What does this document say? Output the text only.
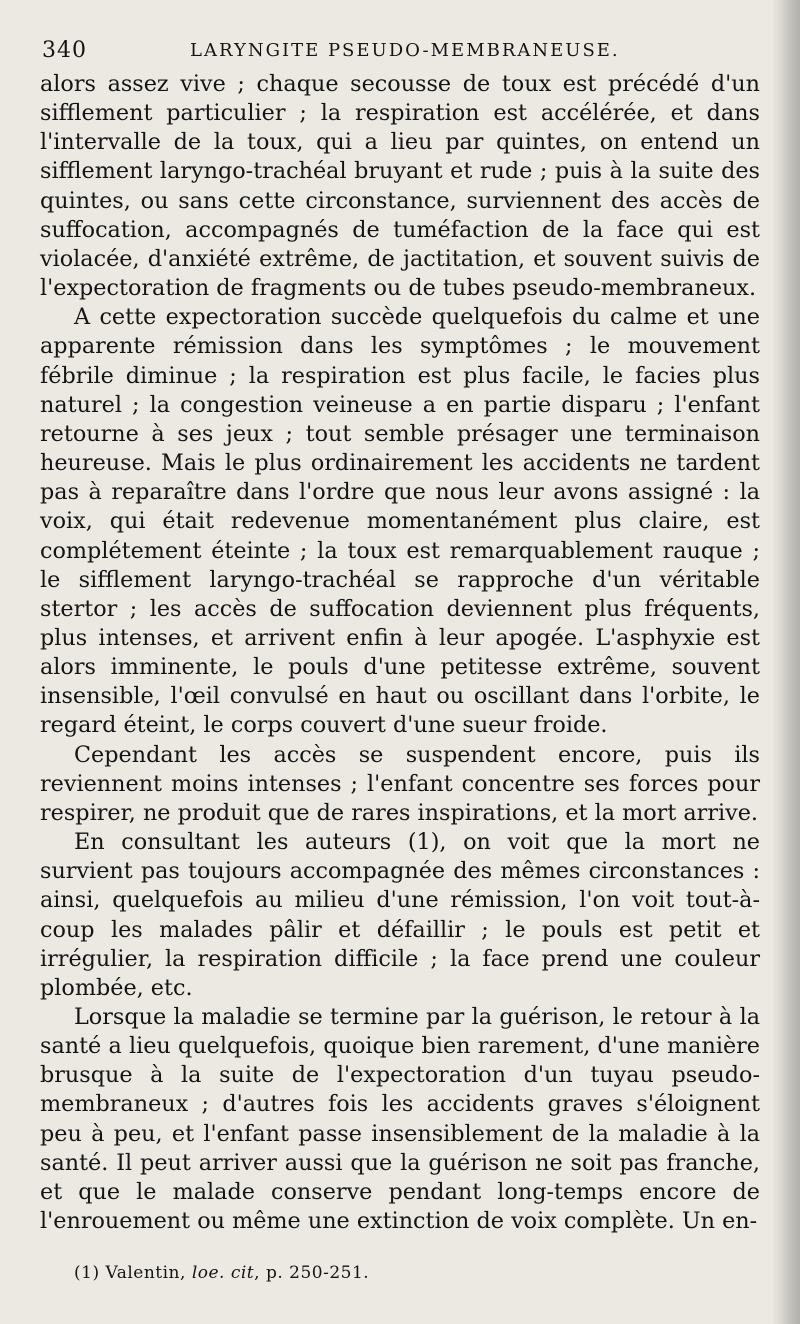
340	LARYNGITE PSEUDO-MEMBRANEUSE.

alors assez vive ; chaque secousse de toux est précédé d'un sifflement particulier ; la respiration est accélérée, et dans l'intervalle de la toux, qui a lieu par quintes, on entend un sifflement laryngo-trachéal bruyant et rude ; puis à la suite des quintes, ou sans cette circonstance, surviennent des accès de suffocation, accompagnés de tuméfaction de la face qui est violacée, d'anxiété extrême, de jactitation, et souvent suivis de l'expectoration de fragments ou de tubes pseudo-membraneux.

A cette expectoration succède quelquefois du calme et une apparente rémission dans les symptômes ; le mouvement fébrile diminue ; la respiration est plus facile, le facies plus naturel ; la congestion veineuse a en partie disparu ; l'enfant retourne à ses jeux ; tout semble présager une terminaison heureuse. Mais le plus ordinairement les accidents ne tardent pas à reparaître dans l'ordre que nous leur avons assigné : la voix, qui était redevenue momentanément plus claire, est complétement éteinte ; la toux est remarquablement rauque ; le sifflement laryngo-trachéal se rapproche d'un véritable stertor ; les accès de suffocation deviennent plus fréquents, plus intenses, et arrivent enfin à leur apogée. L'asphyxie est alors imminente, le pouls d'une petitesse extrême, souvent insensible, l'œil convulsé en haut ou oscillant dans l'orbite, le regard éteint, le corps couvert d'une sueur froide.

Cependant les accès se suspendent encore, puis ils reviennent moins intenses ; l'enfant concentre ses forces pour respirer, ne produit que de rares inspirations, et la mort arrive.

En consultant les auteurs (1), on voit que la mort ne survient pas toujours accompagnée des mêmes circonstances : ainsi, quelquefois au milieu d'une rémission, l'on voit tout-à-coup les malades pâlir et défaillir ; le pouls est petit et irrégulier, la respiration difficile ; la face prend une couleur plombée, etc.

Lorsque la maladie se termine par la guérison, le retour à la santé a lieu quelquefois, quoique bien rarement, d'une manière brusque à la suite de l'expectoration d'un tuyau pseudo-membraneux ; d'autres fois les accidents graves s'éloignent peu à peu, et l'enfant passe insensiblement de la maladie à la santé. Il peut arriver aussi que la guérison ne soit pas franche, et que le malade conserve pendant long-temps encore de l'enrouement ou même une extinction de voix complète. Un en-

(1) Valentin, loe. cit, p. 250-251.
